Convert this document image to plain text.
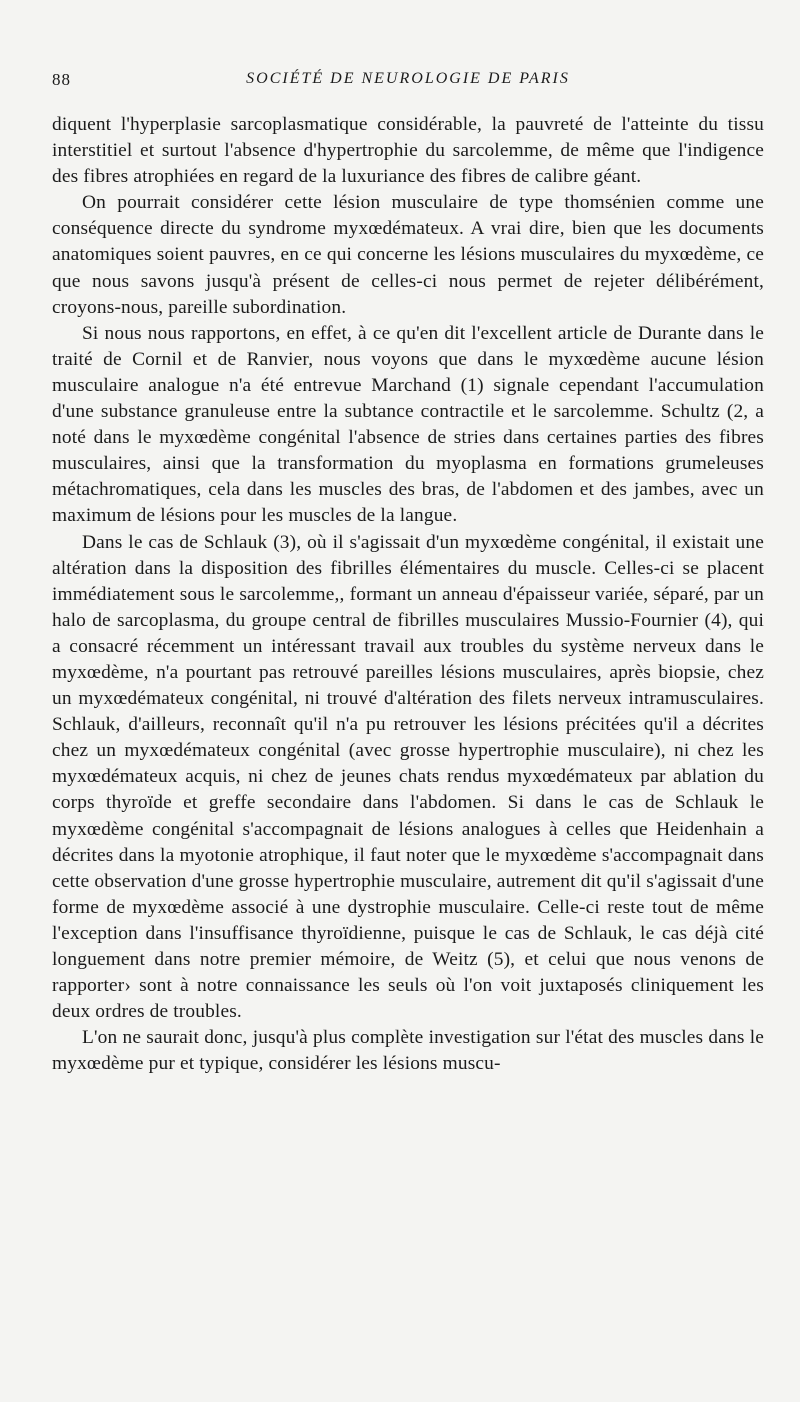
88	SOCIÉTÉ DE NEUROLOGIE DE PARIS

diquent l'hyperplasie sarcoplasmatique considérable, la pauvreté de l'atteinte du tissu interstitiel et surtout l'absence d'hypertrophie du sarcolemme, de même que l'indigence des fibres atrophiées en regard de la luxuriance des fibres de calibre géant.

On pourrait considérer cette lésion musculaire de type thomsénien comme une conséquence directe du syndrome myxœdémateux. A vrai dire, bien que les documents anatomiques soient pauvres, en ce qui concerne les lésions musculaires du myxœdème, ce que nous savons jusqu'à présent de celles-ci nous permet de rejeter délibérément, croyons-nous, pareille subordination.

Si nous nous rapportons, en effet, à ce qu'en dit l'excellent article de Durante dans le traité de Cornil et de Ranvier, nous voyons que dans le myxœdème aucune lésion musculaire analogue n'a été entrevue Marchand (1) signale cependant l'accumulation d'une substance granuleuse entre la subtance contractile et le sarcolemme. Schultz (2, a noté dans le myxœdème congénital l'absence de stries dans certaines parties des fibres musculaires, ainsi que la transformation du myoplasma en formations grumeleuses métachromatiques, cela dans les muscles des bras, de l'abdomen et des jambes, avec un maximum de lésions pour les muscles de la langue.

Dans le cas de Schlauk (3), où il s'agissait d'un myxœdème congénital, il existait une altération dans la disposition des fibrilles élémentaires du muscle. Celles-ci se placent immédiatement sous le sarcolemme,, formant un anneau d'épaisseur variée, séparé, par un halo de sarcoplasma, du groupe central de fibrilles musculaires Mussio-Fournier (4), qui a consacré récemment un intéressant travail aux troubles du système nerveux dans le myxœdème, n'a pourtant pas retrouvé pareilles lésions musculaires, après biopsie, chez un myxœdémateux congénital, ni trouvé d'altération des filets nerveux intramusculaires. Schlauk, d'ailleurs, reconnaît qu'il n'a pu retrouver les lésions précitées qu'il a décrites chez un myxœdémateux congénital (avec grosse hypertrophie musculaire), ni chez les myxœdémateux acquis, ni chez de jeunes chats rendus myxœdémateux par ablation du corps thyroïde et greffe secondaire dans l'abdomen. Si dans le cas de Schlauk le myxœdème congénital s'accompagnait de lésions analogues à celles que Heidenhain a décrites dans la myotonie atrophique, il faut noter que le myxœdème s'accompagnait dans cette observation d'une grosse hypertrophie musculaire, autrement dit qu'il s'agissait d'une forme de myxœdème associé à une dystrophie musculaire. Celle-ci reste tout de même l'exception dans l'insuffisance thyroïdienne, puisque le cas de Schlauk, le cas déjà cité longuement dans notre premier mémoire, de Weitz (5), et celui que nous venons de rapporter› sont à notre connaissance les seuls où l'on voit juxtaposés cliniquement les deux ordres de troubles.

L'on ne saurait donc, jusqu'à plus complète investigation sur l'état des muscles dans le myxœdème pur et typique, considérer les lésions muscu-
